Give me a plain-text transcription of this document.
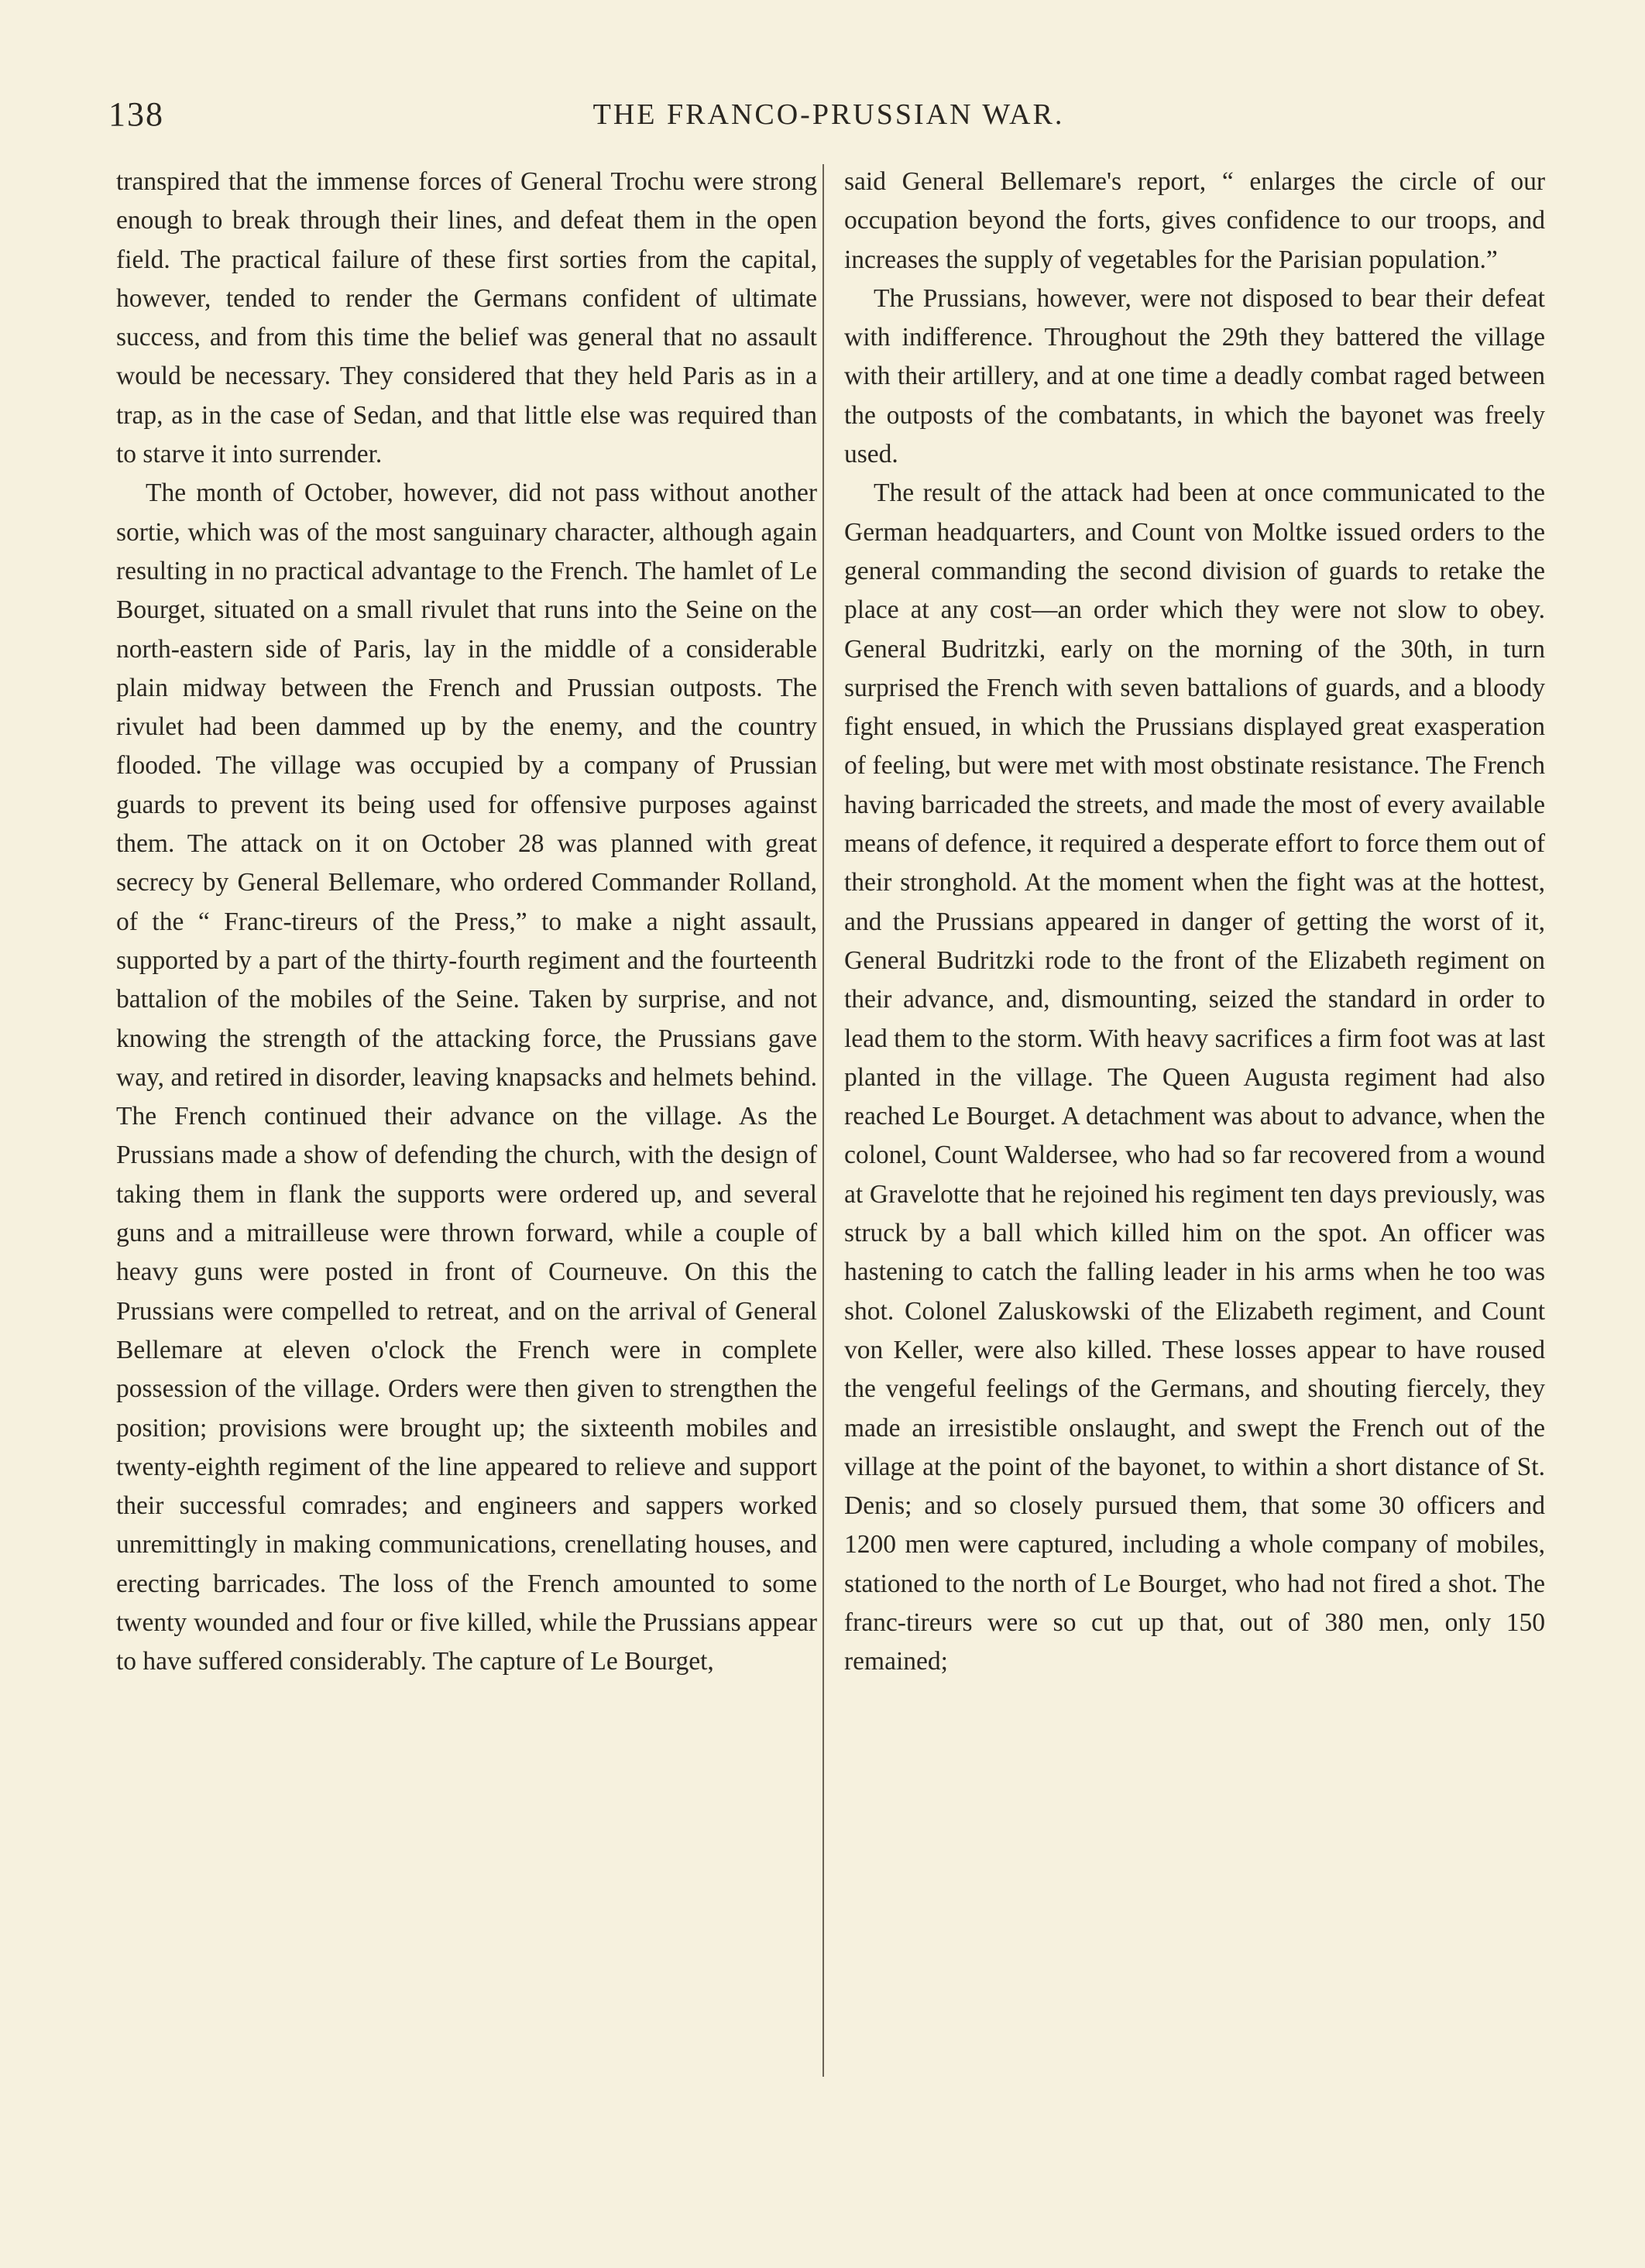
138	THE FRANCO-PRUSSIAN WAR.

transpired that the immense forces of General Trochu were strong enough to break through their lines, and defeat them in the open field. The practical failure of these first sorties from the capital, however, tended to render the Germans confident of ultimate success, and from this time the belief was general that no assault would be necessary. They considered that they held Paris as in a trap, as in the case of Sedan, and that little else was required than to starve it into surrender.

The month of October, however, did not pass without another sortie, which was of the most sanguinary character, although again resulting in no practical advantage to the French. The hamlet of Le Bourget, situated on a small rivulet that runs into the Seine on the north-eastern side of Paris, lay in the middle of a considerable plain midway between the French and Prussian outposts. The rivulet had been dammed up by the enemy, and the country flooded. The village was occupied by a company of Prussian guards to prevent its being used for offensive purposes against them. The attack on it on October 28 was planned with great secrecy by General Bellemare, who ordered Commander Rolland, of the “ Franc-tireurs of the Press,” to make a night assault, supported by a part of the thirty-fourth regiment and the fourteenth battalion of the mobiles of the Seine. Taken by surprise, and not knowing the strength of the attacking force, the Prussians gave way, and retired in disorder, leaving knapsacks and helmets behind. The French continued their advance on the village. As the Prussians made a show of defending the church, with the design of taking them in flank the supports were ordered up, and several guns and a mitrailleuse were thrown forward, while a couple of heavy guns were posted in front of Courneuve. On this the Prussians were compelled to retreat, and on the arrival of General Bellemare at eleven o'clock the French were in complete possession of the village. Orders were then given to strengthen the position; provisions were brought up; the sixteenth mobiles and twenty-eighth regiment of the line appeared to relieve and support their successful comrades; and engineers and sappers worked unremittingly in making communications, crenellating houses, and erecting barricades. The loss of the French amounted to some twenty wounded and four or five killed, while the Prussians appear to have suffered considerably. The capture of Le Bourget,

said General Bellemare's report, “ enlarges the circle of our occupation beyond the forts, gives confidence to our troops, and increases the supply of vegetables for the Parisian population.”

The Prussians, however, were not disposed to bear their defeat with indifference. Throughout the 29th they battered the village with their artillery, and at one time a deadly combat raged between the outposts of the combatants, in which the bayonet was freely used.

The result of the attack had been at once communicated to the German headquarters, and Count von Moltke issued orders to the general commanding the second division of guards to retake the place at any cost—an order which they were not slow to obey. General Budritzki, early on the morning of the 30th, in turn surprised the French with seven battalions of guards, and a bloody fight ensued, in which the Prussians displayed great exasperation of feeling, but were met with most obstinate resistance. The French having barricaded the streets, and made the most of every available means of defence, it required a desperate effort to force them out of their stronghold. At the moment when the fight was at the hottest, and the Prussians appeared in danger of getting the worst of it, General Budritzki rode to the front of the Elizabeth regiment on their advance, and, dismounting, seized the standard in order to lead them to the storm. With heavy sacrifices a firm foot was at last planted in the village. The Queen Augusta regiment had also reached Le Bourget. A detachment was about to advance, when the colonel, Count Waldersee, who had so far recovered from a wound at Gravelotte that he rejoined his regiment ten days previously, was struck by a ball which killed him on the spot. An officer was hastening to catch the falling leader in his arms when he too was shot. Colonel Zaluskowski of the Elizabeth regiment, and Count von Keller, were also killed. These losses appear to have roused the vengeful feelings of the Germans, and shouting fiercely, they made an irresistible onslaught, and swept the French out of the village at the point of the bayonet, to within a short distance of St. Denis; and so closely pursued them, that some 30 officers and 1200 men were captured, including a whole company of mobiles, stationed to the north of Le Bourget, who had not fired a shot. The franc-tireurs were so cut up that, out of 380 men, only 150 remained;
